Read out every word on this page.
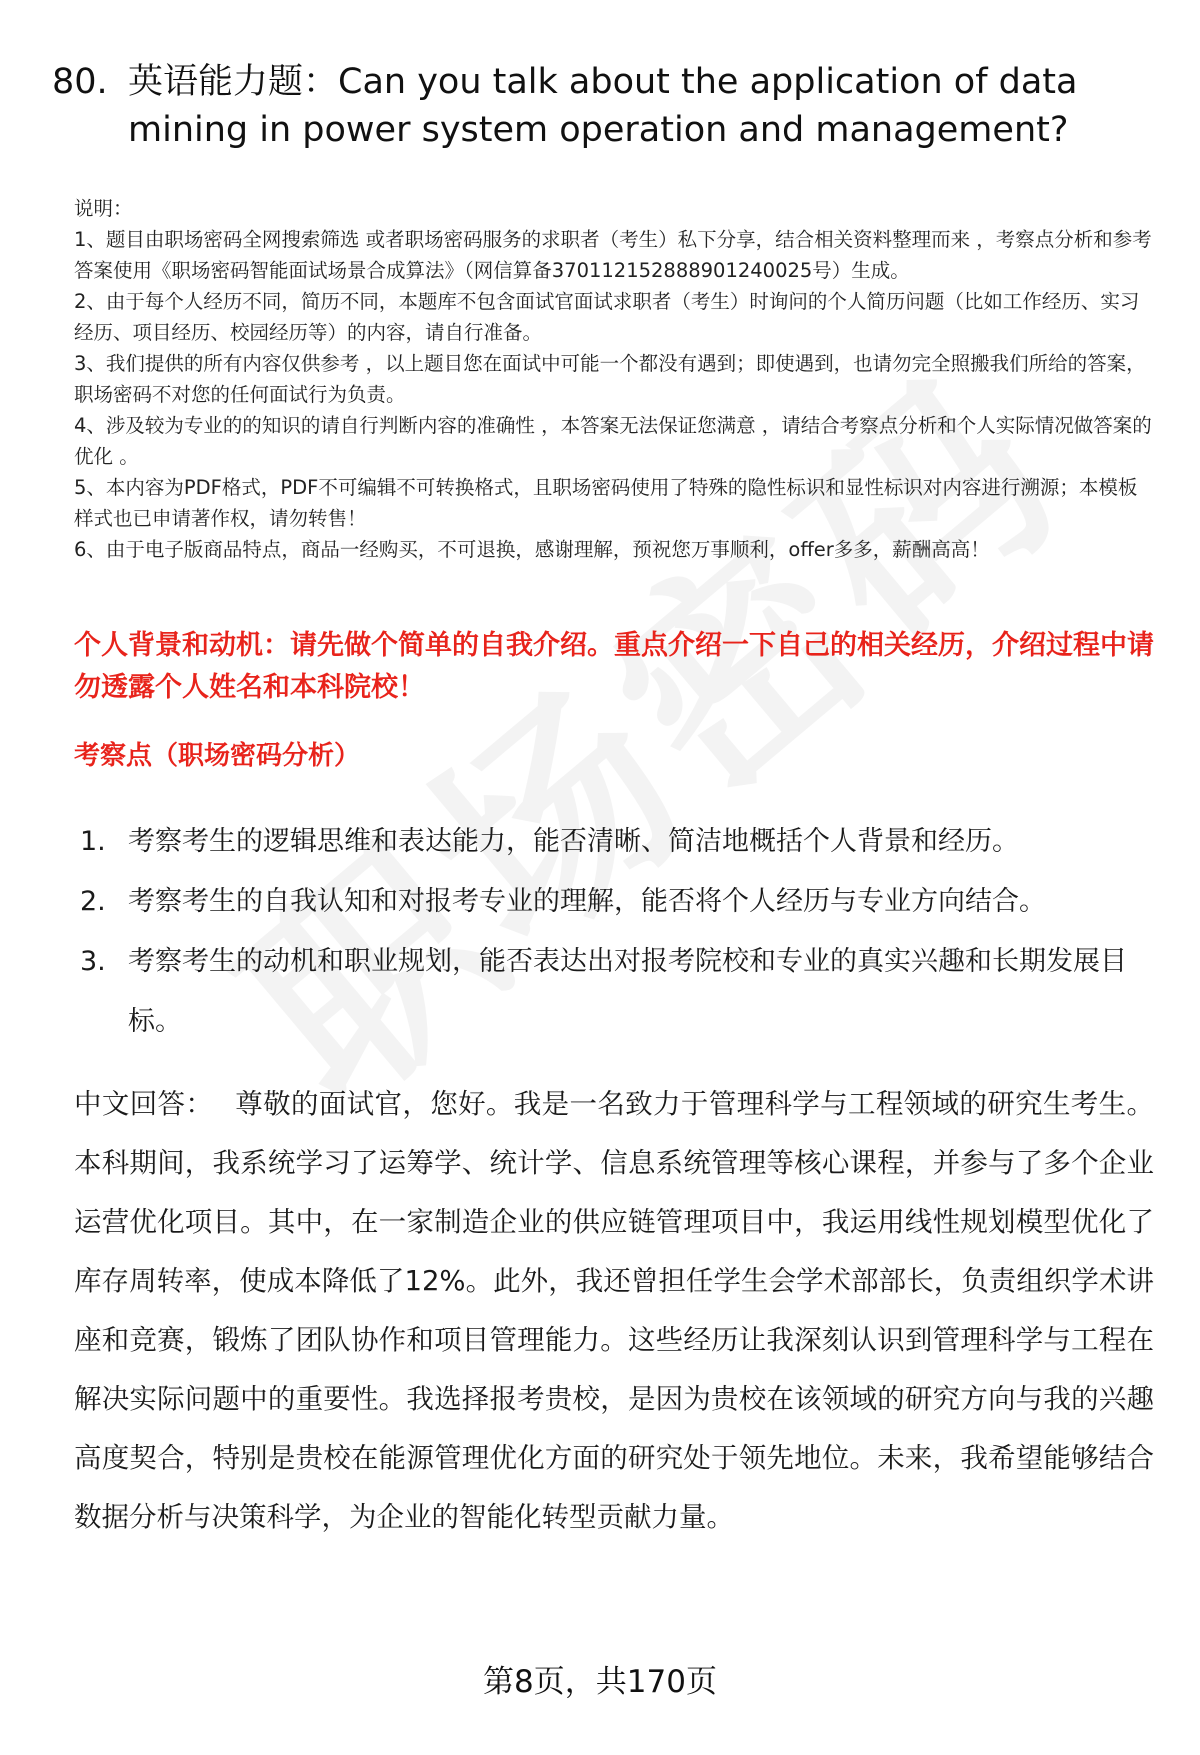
80. 英语能力题：Can you talk about the application of data mining in power system operation and management?

说明：

1、题目由职场密码全网搜索筛选 或者职场密码服务的求职者（考生）私下分享，结合相关资料整理而来 ，考察点分析和参考答案使用《职场密码智能面试场景合成算法》（网信算备370112152888901240025号）生成。

2、由于每个人经历不同，简历不同，本题库不包含面试官面试求职者（考生）时询问的个人简历问题（比如工作经历、实习经历、项目经历、校园经历等）的内容，请自行准备。

3、我们提供的所有内容仅供参考 ，以上题目您在面试中可能一个都没有遇到；即使遇到，也请勿完全照搬我们所给的答案，职场密码不对您的任何面试行为负责。

4、涉及较为专业的的知识的请自行判断内容的准确性 ，本答案无法保证您满意 ，请结合考察点分析和个人实际情况做答案的优化 。

5、本内容为PDF格式，PDF不可编辑不可转换格式，且职场密码使用了特殊的隐性标识和显性标识对内容进行溯源；本模板样式也已申请著作权，请勿转售！

6、由于电子版商品特点，商品一经购买，不可退换，感谢理解，预祝您万事顺利，offer多多，薪酬高高！

个人背景和动机：请先做个简单的自我介绍。重点介绍一下自己的相关经历，介绍过程中请勿透露个人姓名和本科院校！
考察点（职场密码分析）
1. 考察考生的逻辑思维和表达能力，能否清晰、简洁地概括个人背景和经历。
2. 考察考生的自我认知和对报考专业的理解，能否将个人经历与专业方向结合。
3. 考察考生的动机和职业规划，能否表达出对报考院校和专业的真实兴趣和长期发展目标。
中文回答： 尊敬的面试官，您好。我是一名致力于管理科学与工程领域的研究生考生。本科期间，我系统学习了运筹学、统计学、信息系统管理等核心课程，并参与了多个企业运营优化项目。其中，在一家制造企业的供应链管理项目中，我运用线性规划模型优化了库存周转率，使成本降低了12%。此外，我还曾担任学生会学术部部长，负责组织学术讲座和竞赛，锻炼了团队协作和项目管理能力。这些经历让我深刻认识到管理科学与工程在解决实际问题中的重要性。我选择报考贵校，是因为贵校在该领域的研究方向与我的兴趣高度契合，特别是贵校在能源管理优化方面的研究处于领先地位。未来，我希望能够结合数据分析与决策科学，为企业的智能化转型贡献力量。
第8页，共170页
